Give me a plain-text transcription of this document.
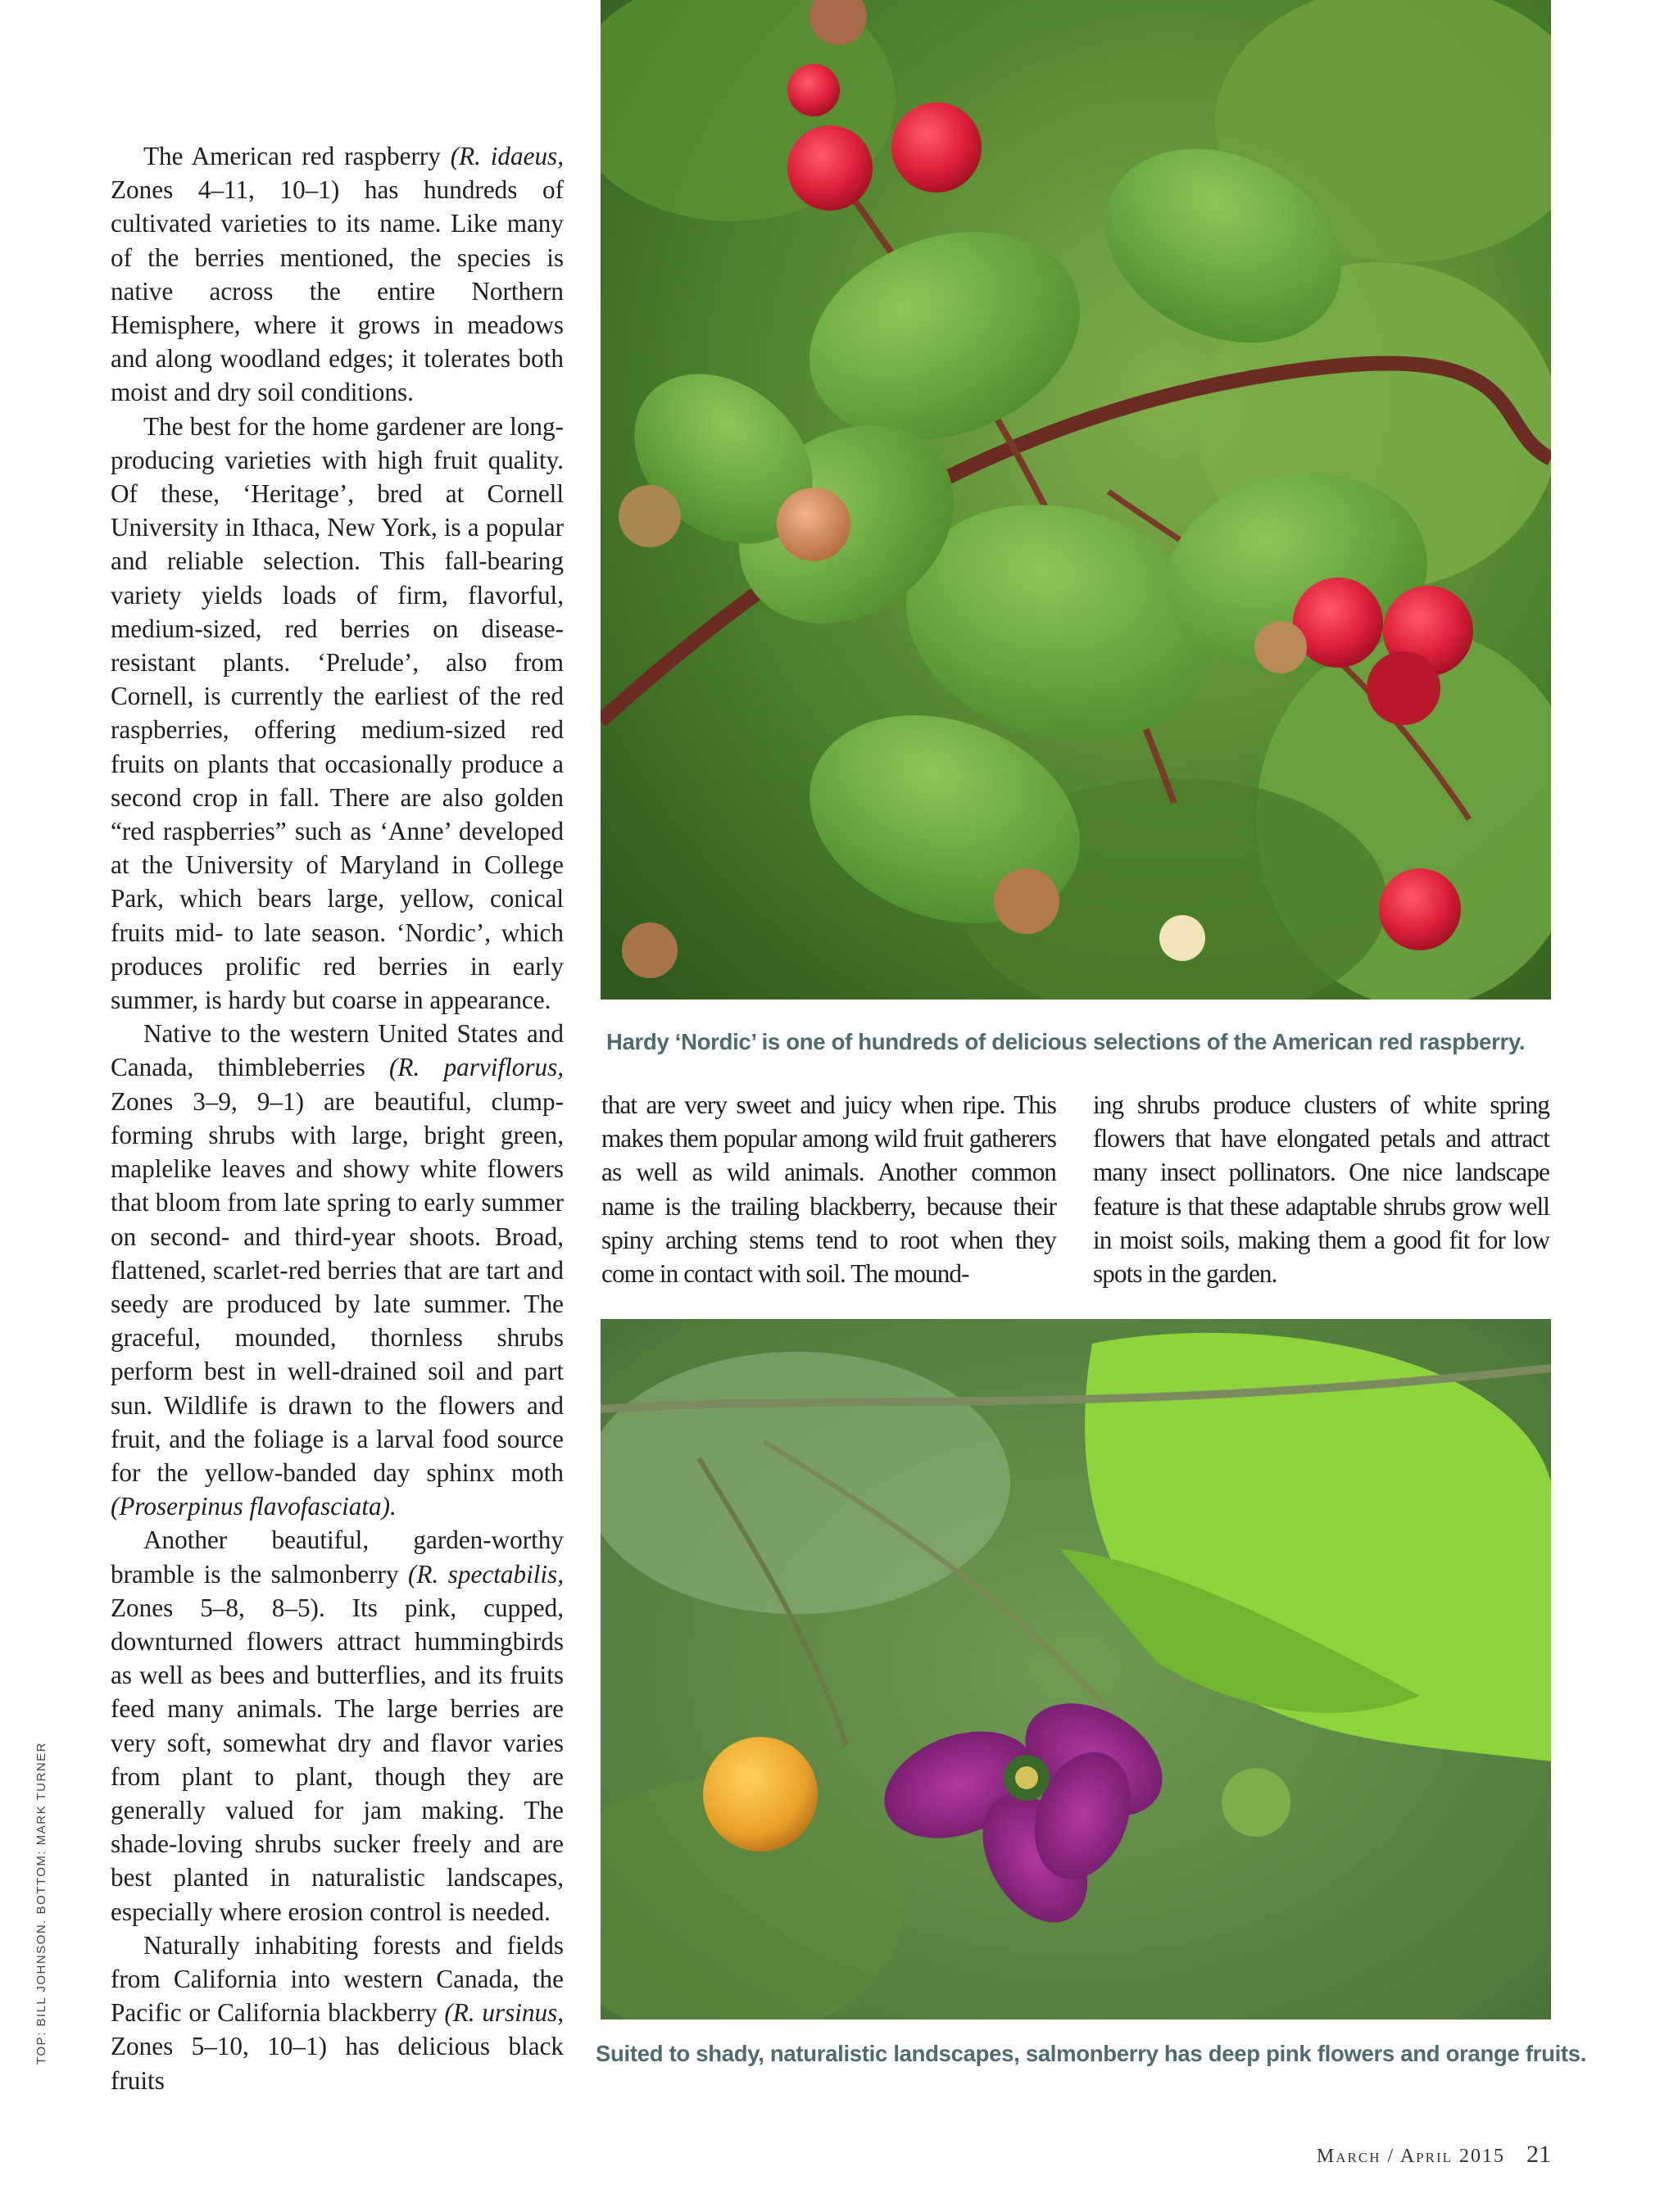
The American red raspberry (R. idaeus, Zones 4–11, 10–1) has hundreds of cultivated varieties to its name. Like many of the berries mentioned, the species is native across the entire Northern Hemisphere, where it grows in meadows and along woodland edges; it tolerates both moist and dry soil conditions.

The best for the home gardener are long-producing varieties with high fruit quality. Of these, ‘Heritage’, bred at Cornell University in Ithaca, New York, is a popular and reliable selection. This fall-bearing variety yields loads of firm, flavorful, medium-sized, red berries on disease-resistant plants. ‘Prelude’, also from Cornell, is currently the earliest of the red raspberries, offering medium-sized red fruits on plants that occasionally produce a second crop in fall. There are also golden “red raspberries” such as ‘Anne’ developed at the University of Maryland in College Park, which bears large, yellow, conical fruits mid- to late season. ‘Nordic’, which produces prolific red berries in early summer, is hardy but coarse in appearance.

Native to the western United States and Canada, thimbleberries (R. parviflorus, Zones 3–9, 9–1) are beautiful, clump-forming shrubs with large, bright green, maplelike leaves and showy white flowers that bloom from late spring to early summer on second- and third-year shoots. Broad, flattened, scarlet-red berries that are tart and seedy are produced by late summer. The graceful, mounded, thornless shrubs perform best in well-drained soil and part sun. Wildlife is drawn to the flowers and fruit, and the foliage is a larval food source for the yellow-banded day sphinx moth (Proserpinus flavofasciata).

Another beautiful, garden-worthy bramble is the salmonberry (R. spectabilis, Zones 5–8, 8–5). Its pink, cupped, downturned flowers attract hummingbirds as well as bees and butterflies, and its fruits feed many animals. The large berries are very soft, somewhat dry and flavor varies from plant to plant, though they are generally valued for jam making. The shade-loving shrubs sucker freely and are best planted in naturalistic landscapes, especially where erosion control is needed.

Naturally inhabiting forests and fields from California into western Canada, the Pacific or California blackberry (R. ursinus, Zones 5–10, 10–1) has delicious black fruits

that are very sweet and juicy when ripe. This makes them popular among wild fruit gatherers as well as wild animals. Another common name is the trailing blackberry, because their spiny arching stems tend to root when they come in contact with soil. The mound-

ing shrubs produce clusters of white spring flowers that have elongated petals and attract many insect pollinators. One nice landscape feature is that these adaptable shrubs grow well in moist soils, making them a good fit for low spots in the garden.

Hardy ‘Nordic’ is one of hundreds of delicious selections of the American red raspberry.
Suited to shady, naturalistic landscapes, salmonberry has deep pink flowers and orange fruits.
TOP: BILL JOHNSON. BOTTOM: MARK TURNER
March / April 2015 21
